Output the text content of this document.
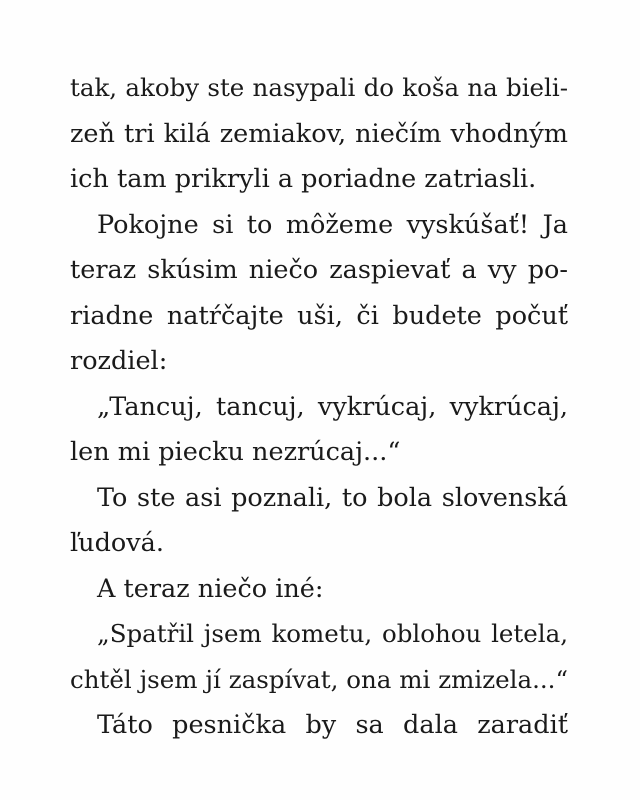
tak, akoby ste nasypali do koša na bieli-
zeň tri kilá zemiakov, niečím vhodným
ich tam prikryli a poriadne zatriasli.
Pokojne si to môžeme vyskúšať! Ja
teraz skúsim niečo zaspievať a vy po-
riadne natŕčajte uši, či budete počuť
rozdiel:
„Tancuj, tancuj, vykrúcaj, vykrúcaj,
len mi piecku nezrúcaj...“
To ste asi poznali, to bola slovenská
ľudová.
A teraz niečo iné:
„Spatřil jsem kometu, oblohou letela,
chtěl jsem jí zaspívat, ona mi zmizela...“
Táto pesnička by sa dala zaradiť
